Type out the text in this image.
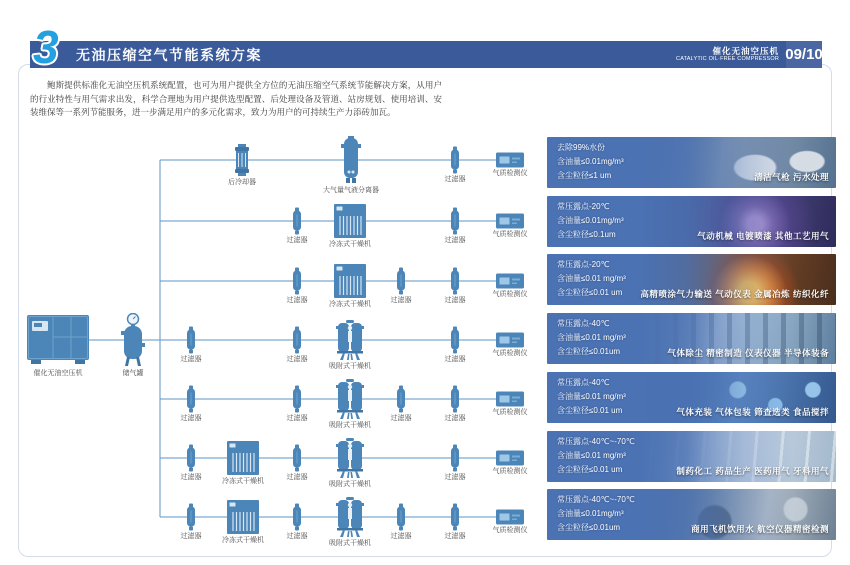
3 无油压缩空气节能系统方案	催化无油空压机
CATALYTIC OIL·FREE COMPRESSOR 09/10
鲍斯提供标准化无油空压机系统配置，也可为用户提供全方位的无油压缩空气系统节能解决方案，从用户的行业特性与用气需求出发，科学合理地为用户提供选型配置、后处理设备及管道、站房规划、使用培训、安装维保等一系列节能服务，进一步满足用户的多元化需求，致力为用户的可持续生产力添砖加瓦。
催化无油空压机	储气罐
后冷却器
大气量气液分离器
过滤器
气质检测仪
过滤器
冷冻式干燥机
过滤器
气质检测仪
过滤器
冷冻式干燥机
过滤器	过滤器
气质检测仪
过滤器	过滤器
吸附式干燥机
过滤器
气质检测仪
过滤器	过滤器
吸附式干燥机
过滤器	过滤器
气质检测仪
过滤器
冷冻式干燥机
过滤器
吸附式干燥机
过滤器
气质检测仪
过滤器
冷冻式干燥机
过滤器
吸附式干燥机
过滤器	过滤器
气质检测仪
去除99%水份
含油量≤0.01mg/m³
含尘粒径≤1 um	清洁气枪 污水处理
常压露点-20℃
含油量≤0.01mg/m³
含尘粒径≤0.1um	气动机械 电镀喷漆 其他工艺用气
常压露点-20℃
含油量≤0.01 mg/m³
含尘粒径≤0.01 um	高精喷涂气力输送 气动仪表 金属冶炼 纺织化纤
常压露点-40℃
含油量≤0.01 mg/m³
含尘粒径≤0.01um	气体除尘 精密制造 仪表仪器 半导体装备
常压露点-40℃
含油量≤0.01 mg/m³
含尘粒径≤0.01 um	气体充装 气体包装 筛查选类 食品搅拌
常压露点-40℃~-70℃
含油量≤0.01 mg/m³
含尘粒径≤0.01 um	制药化工 药品生产 医药用气 牙科用气
常压露点-40℃~-70℃
含油量≤0.01mg/m³
含尘粒径≤0.01um	商用飞机饮用水 航空仪器精密检测
